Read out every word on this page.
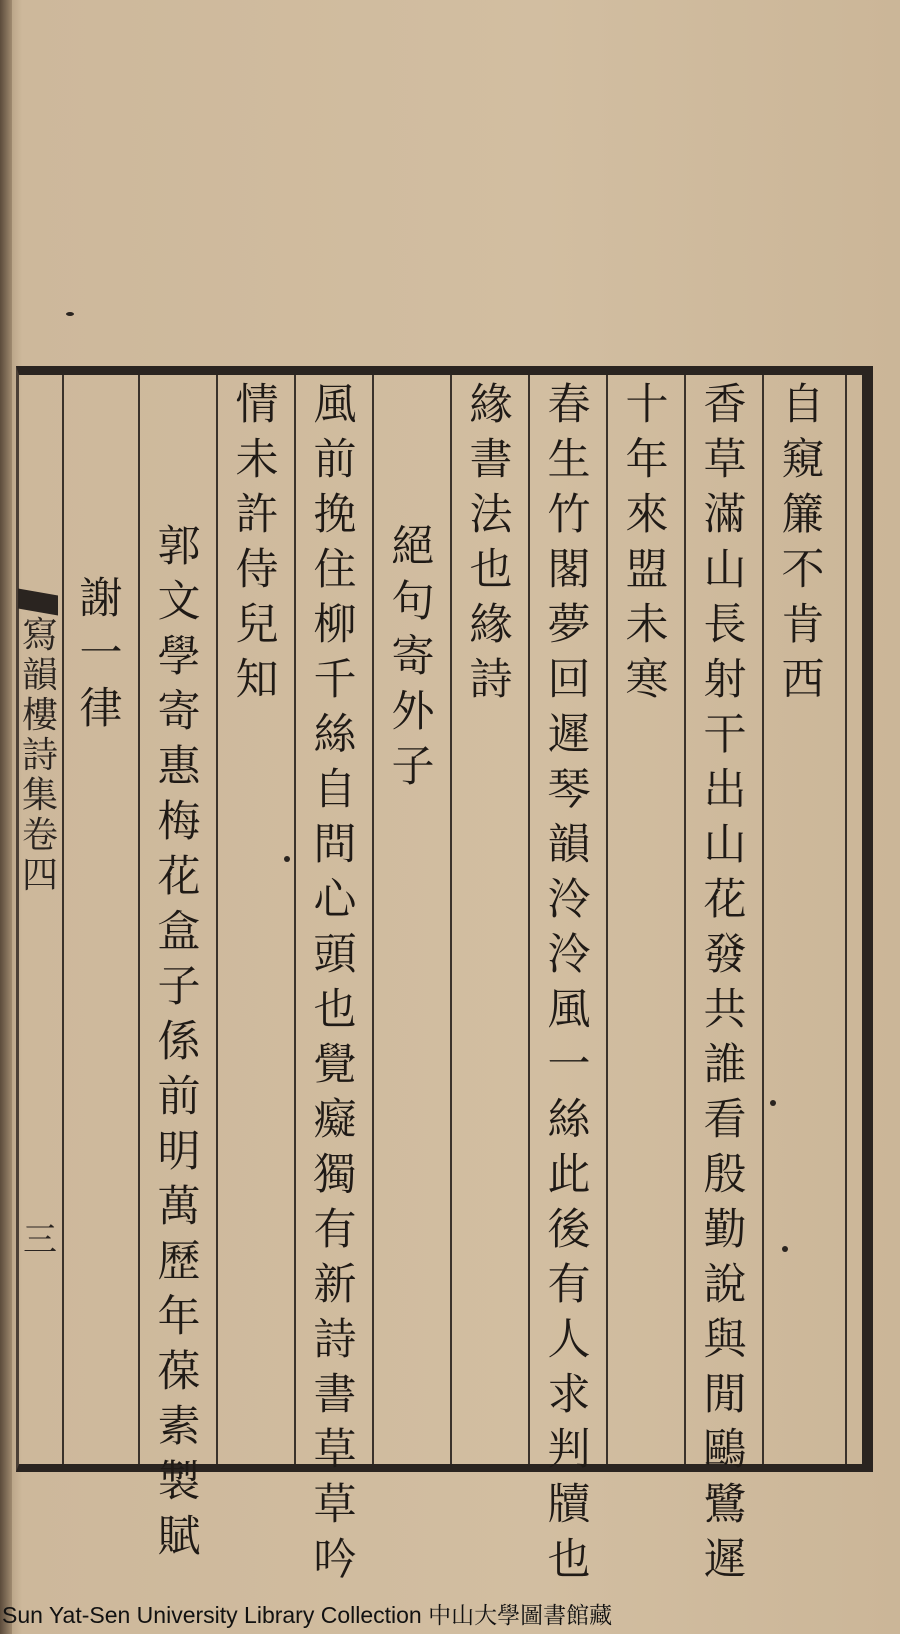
自
窺
簾
不
肯
西
香
草
滿
山
長
射
干
出
山
花
發
共
誰
看
殷
勤
說
與
閒
鷗
鷺
遲
十
年
來
盟
未
寒
春
生
竹
閣
夢
回
遲
琴
韻
泠
泠
風
一
絲
此
後
有
人
求
判
牘
也
緣
書
法
也
緣
詩
絕
句
寄
外
子
風
前
挽
住
柳
千
絲
自
問
心
頭
也
覺
癡
獨
有
新
詩
書
草
草
吟
情
未
許
侍
兒
知
郭
文
學
寄
惠
梅
花
盒
子
係
前
明
萬
歷
年
葆
素
製
賦
謝
一
律
寫
韻
樓
詩
集
卷
四
三
Sun Yat-Sen University Library Collection 中山大學圖書館藏
